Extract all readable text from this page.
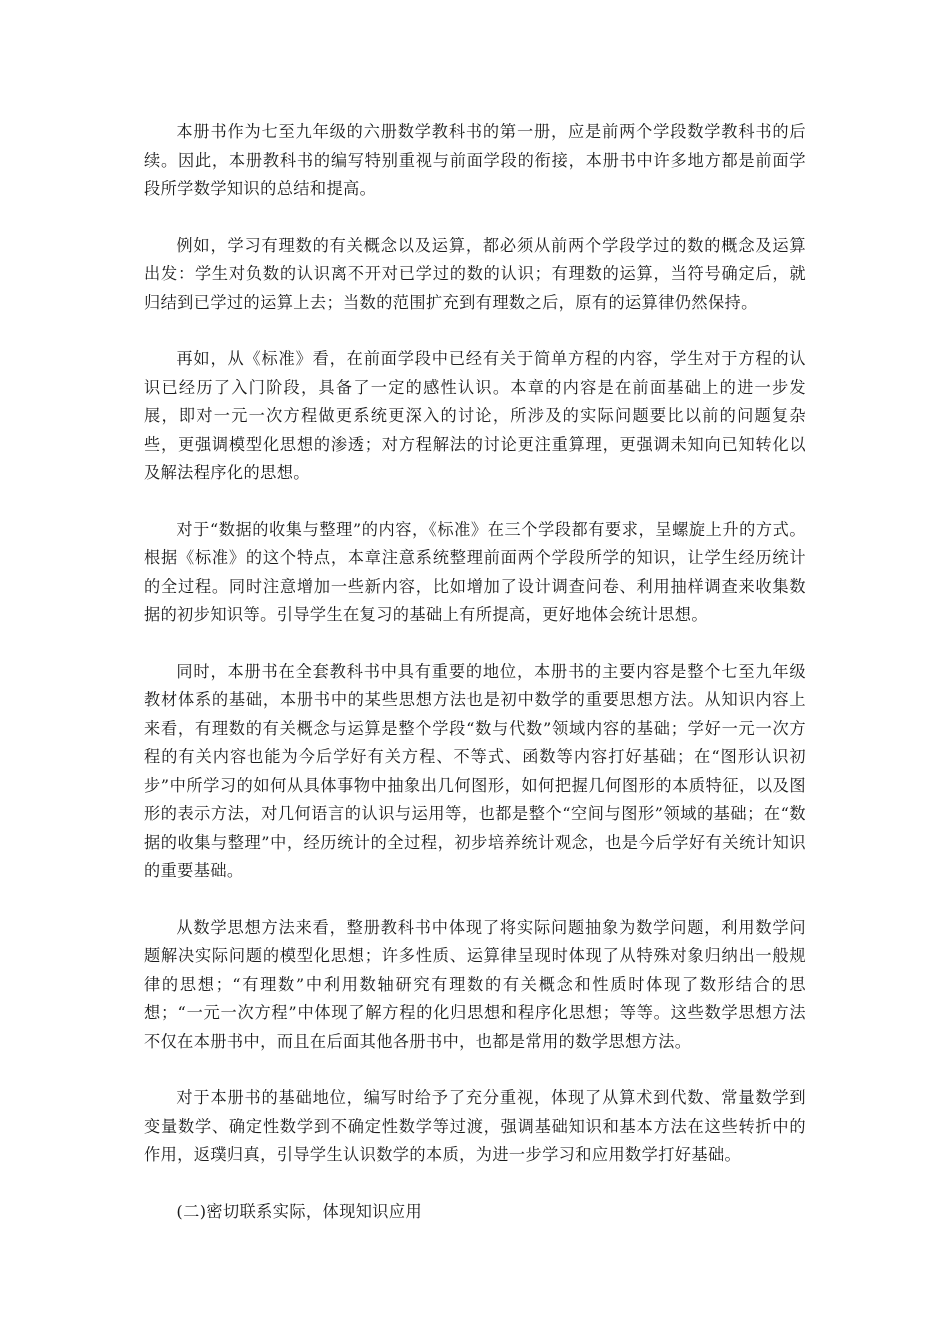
本册书作为七至九年级的六册数学教科书的第一册，应是前两个学段数学教科书的后续。因此，本册教科书的编写特别重视与前面学段的衔接，本册书中许多地方都是前面学段所学数学知识的总结和提高。

例如，学习有理数的有关概念以及运算，都必须从前两个学段学过的数的概念及运算出发：学生对负数的认识离不开对已学过的数的认识；有理数的运算，当符号确定后，就归结到已学过的运算上去；当数的范围扩充到有理数之后，原有的运算律仍然保持。

再如，从《标准》看，在前面学段中已经有关于简单方程的内容，学生对于方程的认识已经历了入门阶段，具备了一定的感性认识。本章的内容是在前面基础上的进一步发展，即对一元一次方程做更系统更深入的讨论，所涉及的实际问题要比以前的问题复杂些，更强调模型化思想的渗透；对方程解法的讨论更注重算理，更强调未知向已知转化以及解法程序化的思想。

对于“数据的收集与整理”的内容，《标准》在三个学段都有要求，呈螺旋上升的方式。根据《标准》的这个特点，本章注意系统整理前面两个学段所学的知识，让学生经历统计的全过程。同时注意增加一些新内容，比如增加了设计调查问卷、利用抽样调查来收集数据的初步知识等。引导学生在复习的基础上有所提高，更好地体会统计思想。

同时，本册书在全套教科书中具有重要的地位，本册书的主要内容是整个七至九年级教材体系的基础，本册书中的某些思想方法也是初中数学的重要思想方法。从知识内容上来看，有理数的有关概念与运算是整个学段“数与代数”领域内容的基础；学好一元一次方程的有关内容也能为今后学好有关方程、不等式、函数等内容打好基础；在“图形认识初步”中所学习的如何从具体事物中抽象出几何图形，如何把握几何图形的本质特征，以及图形的表示方法，对几何语言的认识与运用等，也都是整个“空间与图形”领域的基础；在“数据的收集与整理”中，经历统计的全过程，初步培养统计观念，也是今后学好有关统计知识的重要基础。

从数学思想方法来看，整册教科书中体现了将实际问题抽象为数学问题，利用数学问题解决实际问题的模型化思想；许多性质、运算律呈现时体现了从特殊对象归纳出一般规律的思想；“有理数”中利用数轴研究有理数的有关概念和性质时体现了数形结合的思想；“一元一次方程”中体现了解方程的化归思想和程序化思想；等等。这些数学思想方法不仅在本册书中，而且在后面其他各册书中，也都是常用的数学思想方法。

对于本册书的基础地位，编写时给予了充分重视，体现了从算术到代数、常量数学到变量数学、确定性数学到不确定性数学等过渡，强调基础知识和基本方法在这些转折中的作用，返璞归真，引导学生认识数学的本质，为进一步学习和应用数学打好基础。

(二)密切联系实际，体现知识应用
